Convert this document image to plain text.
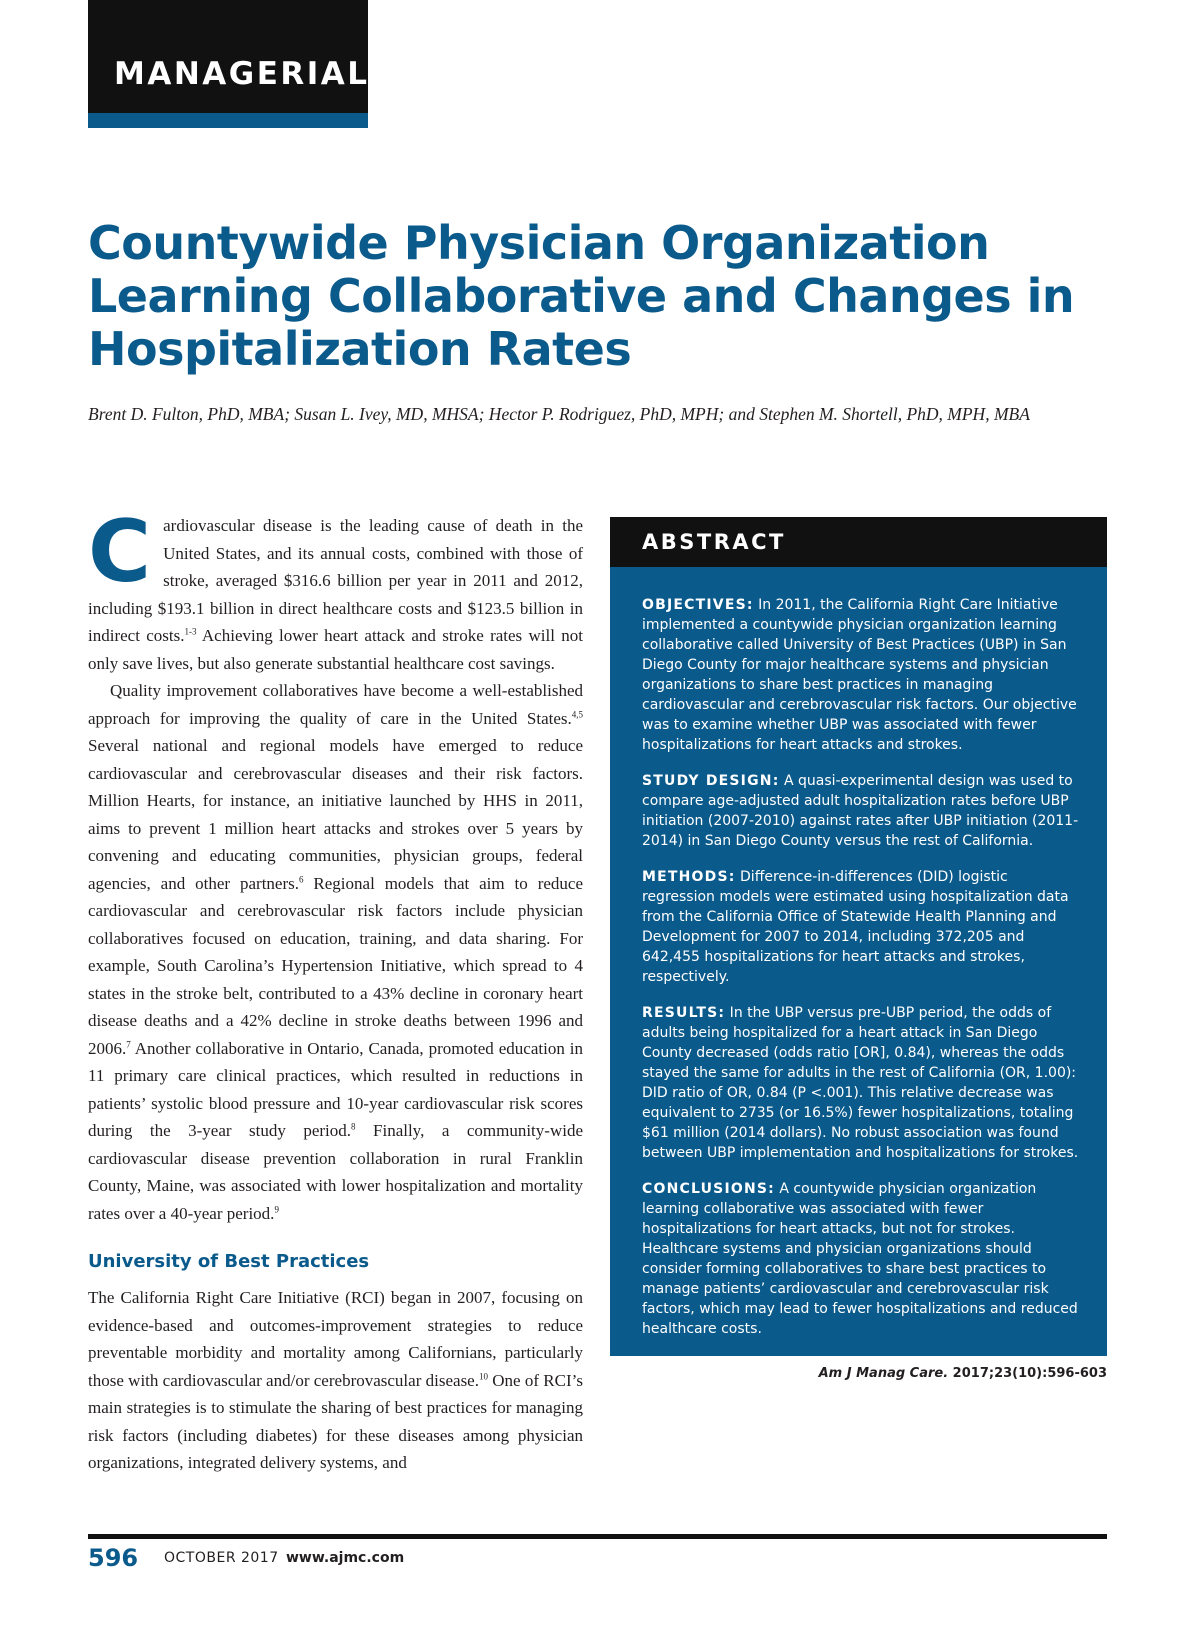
MANAGERIAL
Countywide Physician Organization Learning Collaborative and Changes in Hospitalization Rates

Brent D. Fulton, PhD, MBA; Susan L. Ivey, MD, MHSA; Hector P. Rodriguez, PhD, MPH; and Stephen M. Shortell, PhD, MPH, MBA

Cardiovascular disease is the leading cause of death in the United States, and its annual costs, combined with those of stroke, averaged $316.6 billion per year in 2011 and 2012, including $193.1 billion in direct healthcare costs and $123.5 billion in indirect costs.$^{1-3}$ Achieving lower heart attack and stroke rates will not only save lives, but also generate substantial healthcare cost savings.

Quality improvement collaboratives have become a well-established approach for improving the quality of care in the United States.$^{4,5}$ Several national and regional models have emerged to reduce cardiovascular and cerebrovascular diseases and their risk factors. Million Hearts, for instance, an initiative launched by HHS in 2011, aims to prevent 1 million heart attacks and strokes over 5 years by convening and educating communities, physician groups, federal agencies, and other partners.$^6$ Regional models that aim to reduce cardiovascular and cerebrovascular risk factors include physician collaboratives focused on education, training, and data sharing. For example, South Carolina’s Hypertension Initiative, which spread to 4 states in the stroke belt, contributed to a 43% decline in coronary heart disease deaths and a 42% decline in stroke deaths between 1996 and 2006.$^7$ Another collaborative in Ontario, Canada, promoted education in 11 primary care clinical practices, which resulted in reductions in patients’ systolic blood pressure and 10-year cardiovascular risk scores during the 3-year study period.$^8$ Finally, a community-wide cardiovascular disease prevention collaboration in rural Franklin County, Maine, was associated with lower hospitalization and mortality rates over a 40-year period.$^9$

University of Best Practices

The California Right Care Initiative (RCI) began in 2007, focusing on evidence-based and outcomes-improvement strategies to reduce preventable morbidity and mortality among Californians, particularly those with cardiovascular and/or cerebrovascular disease.$^{10}$ One of RCI’s main strategies is to stimulate the sharing of best practices for managing risk factors (including diabetes) for these diseases among physician organizations, integrated delivery systems, and

ABSTRACT

OBJECTIVES: In 2011, the California Right Care Initiative implemented a countywide physician organization learning collaborative called University of Best Practices (UBP) in San Diego County for major healthcare systems and physician organizations to share best practices in managing cardiovascular and cerebrovascular risk factors. Our objective was to examine whether UBP was associated with fewer hospitalizations for heart attacks and strokes.

STUDY DESIGN: A quasi-experimental design was used to compare age-adjusted adult hospitalization rates before UBP initiation (2007-2010) against rates after UBP initiation (2011-2014) in San Diego County versus the rest of California.

METHODS: Difference-in-differences (DID) logistic regression models were estimated using hospitalization data from the California Office of Statewide Health Planning and Development for 2007 to 2014, including 372,205 and 642,455 hospitalizations for heart attacks and strokes, respectively.

RESULTS: In the UBP versus pre-UBP period, the odds of adults being hospitalized for a heart attack in San Diego County decreased (odds ratio [OR], 0.84), whereas the odds stayed the same for adults in the rest of California (OR, 1.00): DID ratio of OR, 0.84 (P <.001). This relative decrease was equivalent to 2735 (or 16.5%) fewer hospitalizations, totaling $61 million (2014 dollars). No robust association was found between UBP implementation and hospitalizations for strokes.

CONCLUSIONS: A countywide physician organization learning collaborative was associated with fewer hospitalizations for heart attacks, but not for strokes. Healthcare systems and physician organizations should consider forming collaboratives to share best practices to manage patients’ cardiovascular and cerebrovascular risk factors, which may lead to fewer hospitalizations and reduced healthcare costs.

Am J Manag Care. 2017;23(10):596-603
596 OCTOBER 2017 www.ajmc.com
